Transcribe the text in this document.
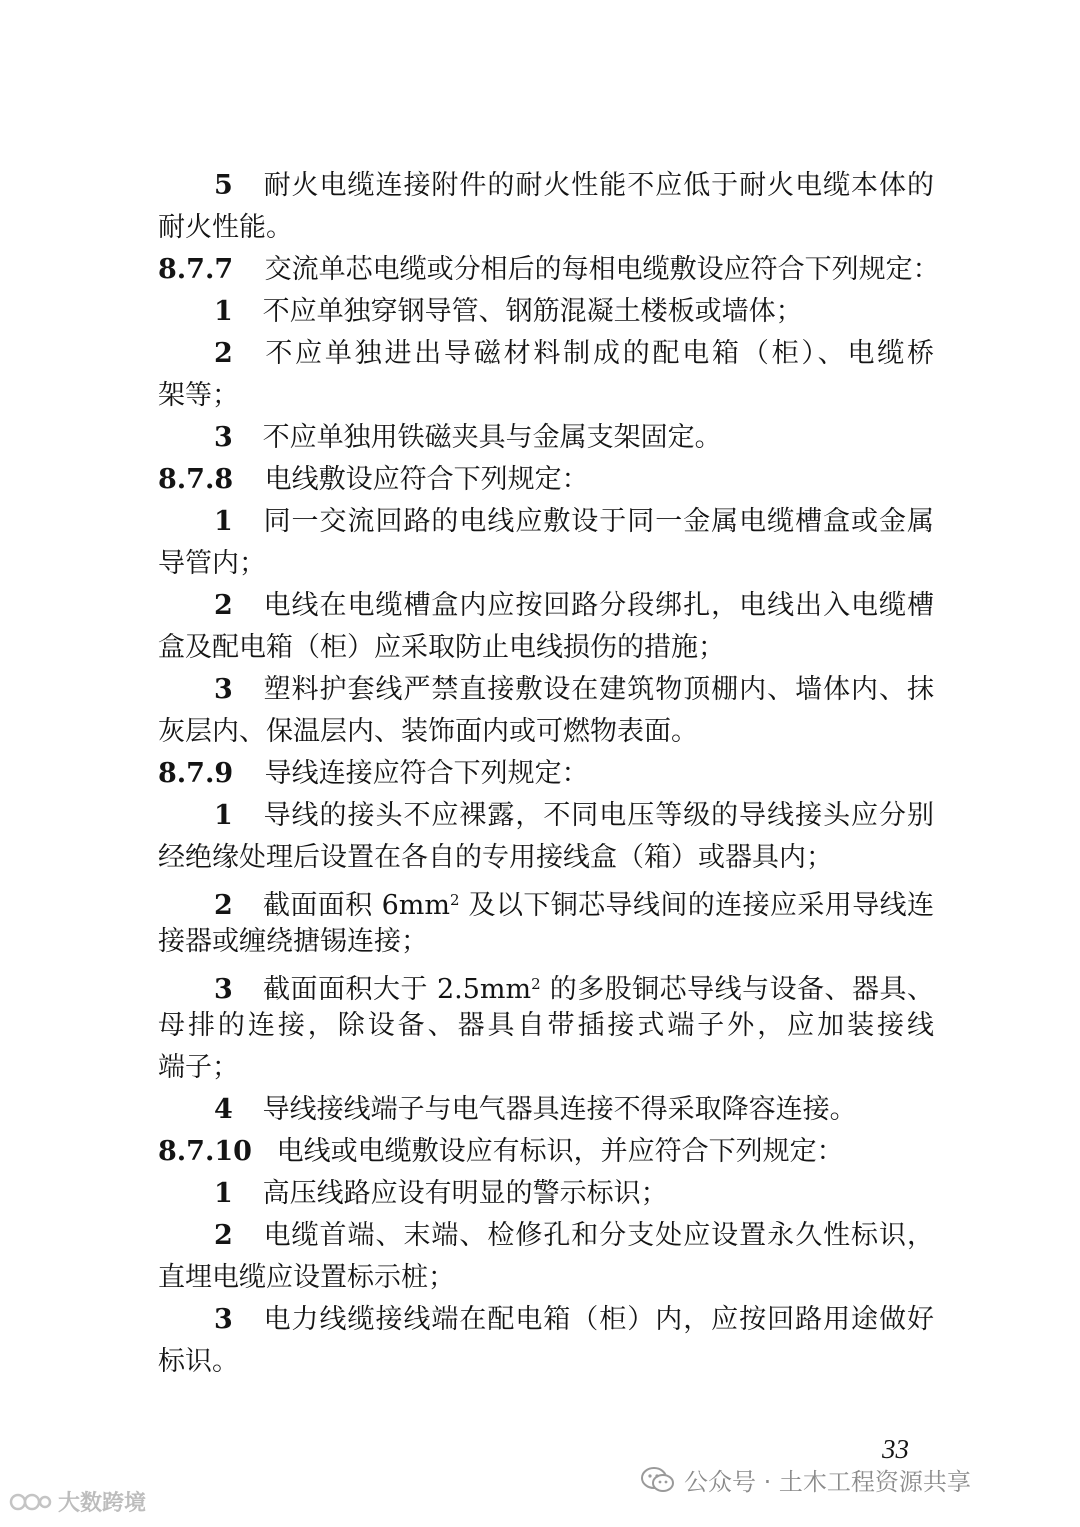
5 耐火电缆连接附件的耐火性能不应低于耐火电缆本体的
耐火性能。
8.7.7 交流单芯电缆或分相后的每相电缆敷设应符合下列规定：
1 不应单独穿钢导管、钢筋混凝土楼板或墙体；
2 不应单独进出导磁材料制成的配电箱（柜）、电缆桥
架等；
3 不应单独用铁磁夹具与金属支架固定。
8.7.8 电线敷设应符合下列规定：
1 同一交流回路的电线应敷设于同一金属电缆槽盒或金属
导管内；
2 电线在电缆槽盒内应按回路分段绑扎，电线出入电缆槽
盒及配电箱（柜）应采取防止电线损伤的措施；
3 塑料护套线严禁直接敷设在建筑物顶棚内、墙体内、抹
灰层内、保温层内、装饰面内或可燃物表面。
8.7.9 导线连接应符合下列规定：
1 导线的接头不应裸露，不同电压等级的导线接头应分别
经绝缘处理后设置在各自的专用接线盒（箱）或器具内；
2 截面面积 $6mm^2$ 及以下铜芯导线间的连接应采用导线连
接器或缠绕搪锡连接；
3 截面面积大于 $2.5mm^2$ 的多股铜芯导线与设备、器具、
母排的连接，除设备、器具自带插接式端子外，应加装接线
端子；
4 导线接线端子与电气器具连接不得采取降容连接。
8.7.10 电线或电缆敷设应有标识，并应符合下列规定：
1 高压线路应设有明显的警示标识；
2 电缆首端、末端、检修孔和分支处应设置永久性标识，
直埋电缆应设置标示桩；
3 电力线缆接线端在配电箱（柜）内，应按回路用途做好
标识。
33
公众号 · 土木工程资源共享
大数跨境
